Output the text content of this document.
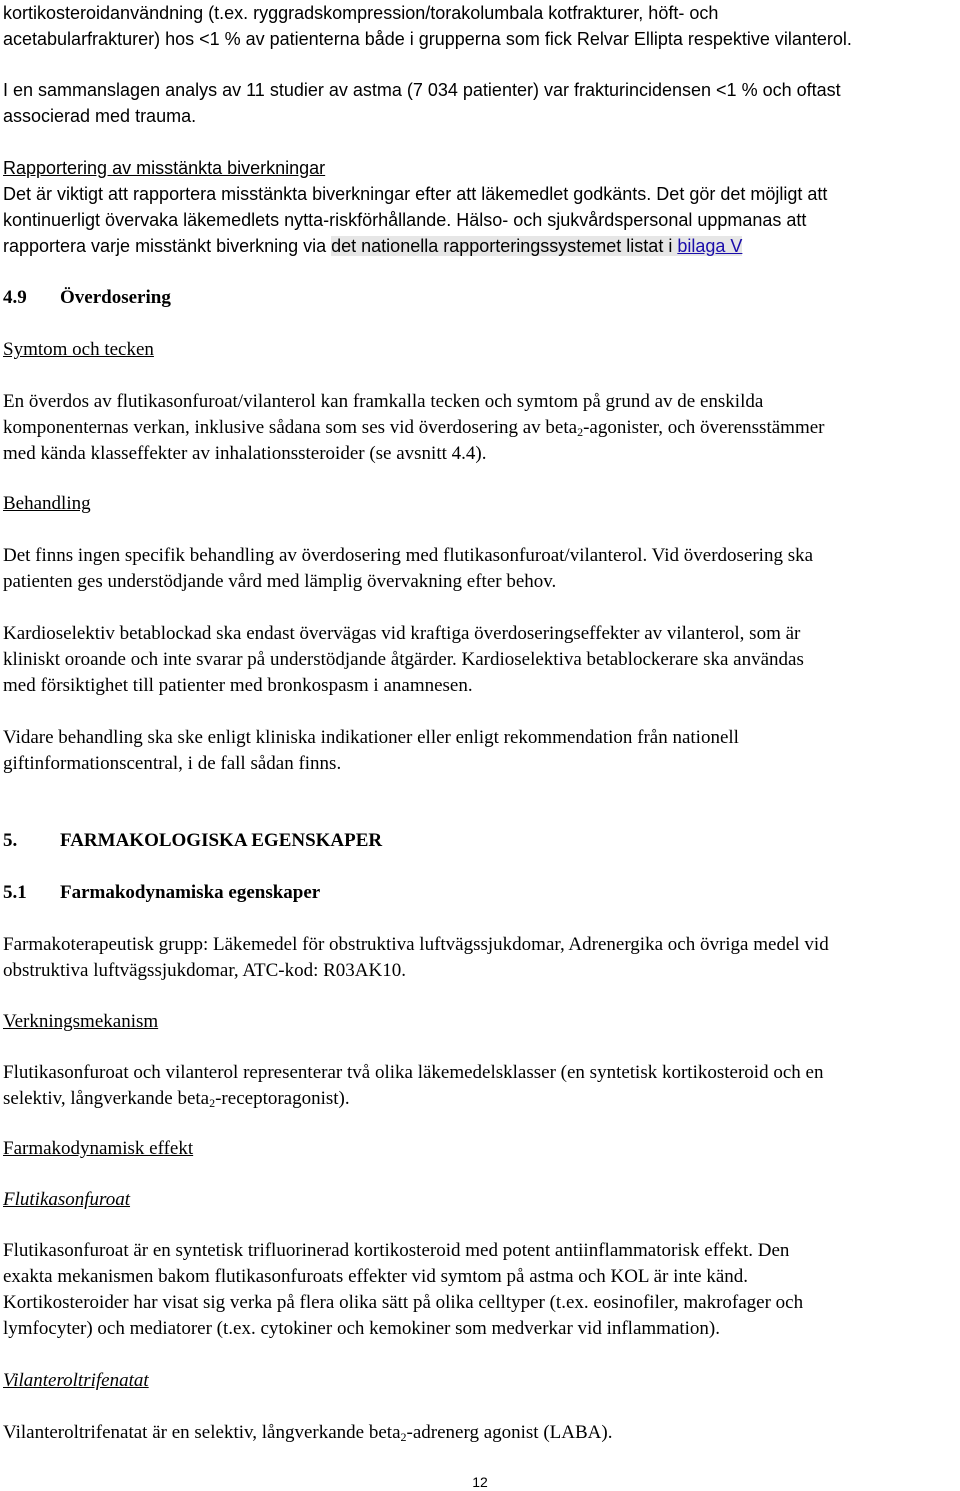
kortikosteroidanvändning (t.ex. ryggradskompression/torakolumbala kotfrakturer, höft- och
acetabularfrakturer) hos <1 % av patienterna både i grupperna som fick Relvar Ellipta respektive vilanterol.

I en sammanslagen analys av 11 studier av astma (7 034 patienter) var frakturincidensen <1 % och oftast
associerad med trauma.

Rapportering av misstänkta biverkningar
Det är viktigt att rapportera misstänkta biverkningar efter att läkemedlet godkänts. Det gör det möjligt att
kontinuerligt övervaka läkemedlets nytta-riskförhållande. Hälso- och sjukvårdspersonal uppmanas att
rapportera varje misstänkt biverkning via det nationella rapporteringssystemet listat i bilaga V

4.9 Överdosering

Symtom och tecken

En överdos av flutikasonfuroat/vilanterol kan framkalla tecken och symtom på grund av de enskilda
komponenternas verkan, inklusive sådana som ses vid överdosering av beta$_2$-agonister, och överensstämmer
med kända klasseffekter av inhalationssteroider (se avsnitt 4.4).

Behandling

Det finns ingen specifik behandling av överdosering med flutikasonfuroat/vilanterol. Vid överdosering ska
patienten ges understödjande vård med lämplig övervakning efter behov.

Kardioselektiv betablockad ska endast övervägas vid kraftiga överdoseringseffekter av vilanterol, som är
kliniskt oroande och inte svarar på understödjande åtgärder. Kardioselektiva betablockerare ska användas
med försiktighet till patienter med bronkospasm i anamnesen.

Vidare behandling ska ske enligt kliniska indikationer eller enligt rekommendation från nationell
giftinformationscentral, i de fall sådan finns.

5. FARMAKOLOGISKA EGENSKAPER

5.1 Farmakodynamiska egenskaper

Farmakoterapeutisk grupp: Läkemedel för obstruktiva luftvägssjukdomar, Adrenergika och övriga medel vid
obstruktiva luftvägssjukdomar, ATC-kod: R03AK10.

Verkningsmekanism

Flutikasonfuroat och vilanterol representerar två olika läkemedelsklasser (en syntetisk kortikosteroid och en
selektiv, långverkande beta$_2$-receptoragonist).

Farmakodynamisk effekt

Flutikasonfuroat

Flutikasonfuroat är en syntetisk trifluorinerad kortikosteroid med potent antiinflammatorisk effekt. Den
exakta mekanismen bakom flutikasonfuroats effekter vid symtom på astma och KOL är inte känd.
Kortikosteroider har visat sig verka på flera olika sätt på olika celltyper (t.ex. eosinofiler, makrofager och
lymfocyter) och mediatorer (t.ex. cytokiner och kemokiner som medverkar vid inflammation).

Vilanteroltrifenatat

Vilanteroltrifenatat är en selektiv, långverkande beta$_2$-adrenerg agonist (LABA).

12
